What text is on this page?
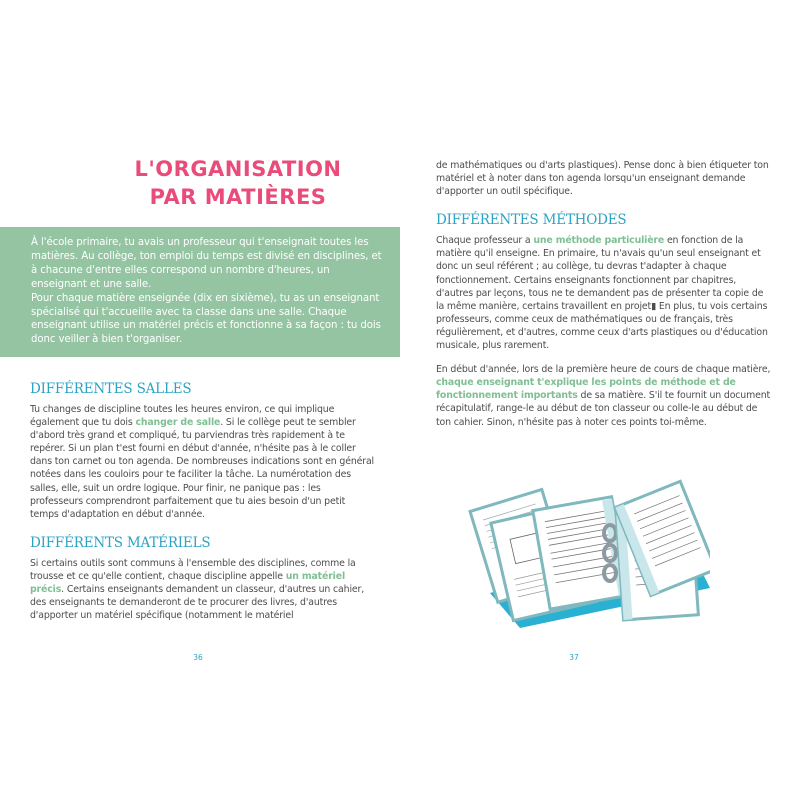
L'ORGANISATION
PAR MATIÈRES

À l'école primaire, tu avais un professeur qui t'enseignait toutes les matières. Au collège, ton emploi du temps est divisé en disciplines, et à chacune d'entre elles correspond un nombre d'heures, un enseignant et une salle.

Pour chaque matière enseignée (dix en sixième), tu as un enseignant spécialisé qui t'accueille avec ta classe dans une salle. Chaque enseignant utilise un matériel précis et fonctionne à sa façon : tu dois donc veiller à bien t'organiser.

DIFFÉRENTES SALLES

Tu changes de discipline toutes les heures environ, ce qui implique également que tu dois changer de salle. Si le collège peut te sembler d'abord très grand et compliqué, tu parviendras très rapidement à te repérer. Si un plan t'est fourni en début d'année, n'hésite pas à le coller dans ton carnet ou ton agenda. De nombreuses indications sont en général notées dans les couloirs pour te faciliter la tâche. La numérotation des salles, elle, suit un ordre logique. Pour finir, ne panique pas : les professeurs comprendront parfaitement que tu aies besoin d'un petit temps d'adaptation en début d'année.

DIFFÉRENTS MATÉRIELS

Si certains outils sont communs à l'ensemble des disciplines, comme la trousse et ce qu'elle contient, chaque discipline appelle un matériel précis. Certains enseignants demandent un classeur, d'autres un cahier, des enseignants te demanderont de te procurer des livres, d'autres d'apporter un matériel spécifique (notamment le matériel

36

de mathématiques ou d'arts plastiques). Pense donc à bien étiqueter ton matériel et à noter dans ton agenda lorsqu'un enseignant demande d'apporter un outil spécifique.

DIFFÉRENTES MÉTHODES

Chaque professeur a une méthode particulière en fonction de la matière qu'il enseigne. En primaire, tu n'avais qu'un seul enseignant et donc un seul référent ; au collège, tu devras t'adapter à chaque fonctionnement. Certains enseignants fonctionnent par chapitres, d'autres par leçons, tous ne te demandent pas de présenter ta copie de la même manière, certains travaillent en projet▮ En plus, tu vois certains professeurs, comme ceux de mathématiques ou de français, très régulièrement, et d'autres, comme ceux d'arts plastiques ou d'éducation musicale, plus rarement.

En début d'année, lors de la première heure de cours de chaque matière, chaque enseignant t'explique les points de méthode et de fonctionnement importants de sa matière. S'il te fournit un document récapitulatif, range-le au début de ton classeur ou colle-le au début de ton cahier. Sinon, n'hésite pas à noter ces points toi-même.

37
